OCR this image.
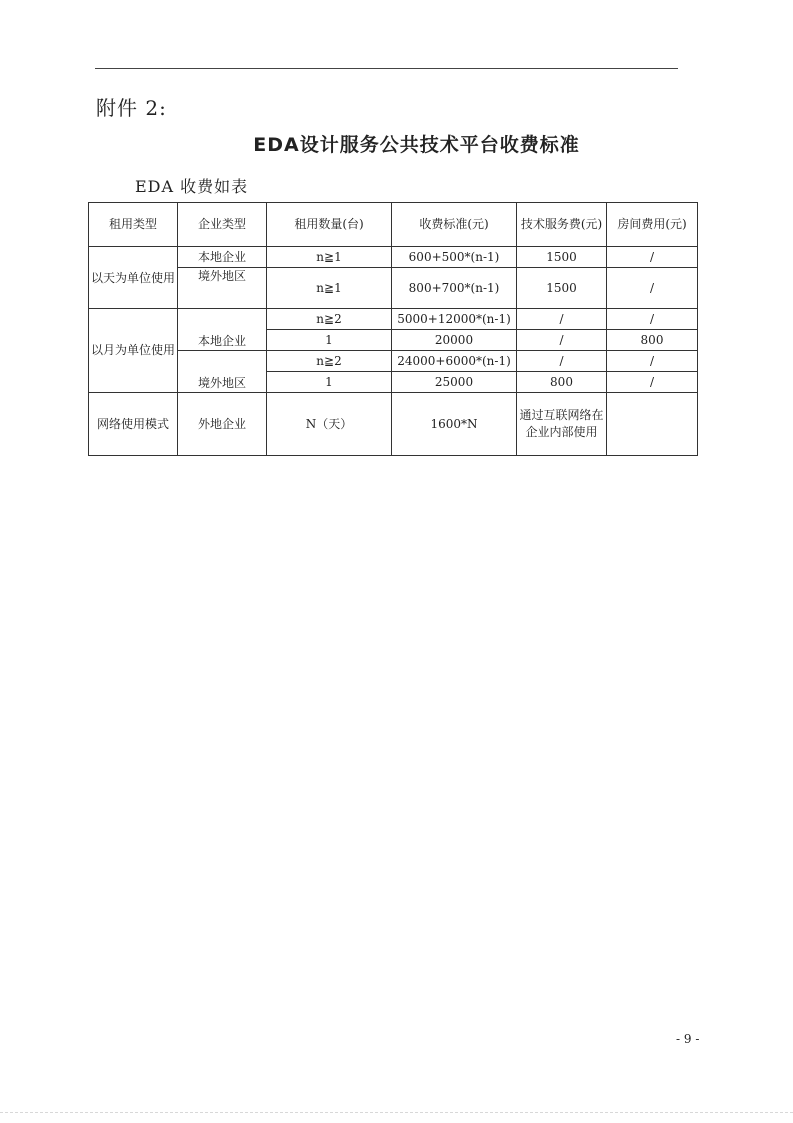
附件 2:
EDA设计服务公共技术平台收费标准
EDA 收费如表
租用类型	企业类型	租用数量(台)	收费标准(元)	技术服务费(元)	房间费用(元)
以天为单位使用	本地企业	n≧1	600+500*(n-1)	1500	/
	境外地区	n≧1	800+700*(n-1)	1500	/
以月为单位使用	本地企业	n≧2	5000+12000*(n-1)	/	/
		1	20000	/	800
	境外地区	n≧2	24000+6000*(n-1)	/	/
		1	25000	800	/
网络使用模式	外地企业	N（天）	1600*N	通过互联网络在企业内部使用	
- 9 -
